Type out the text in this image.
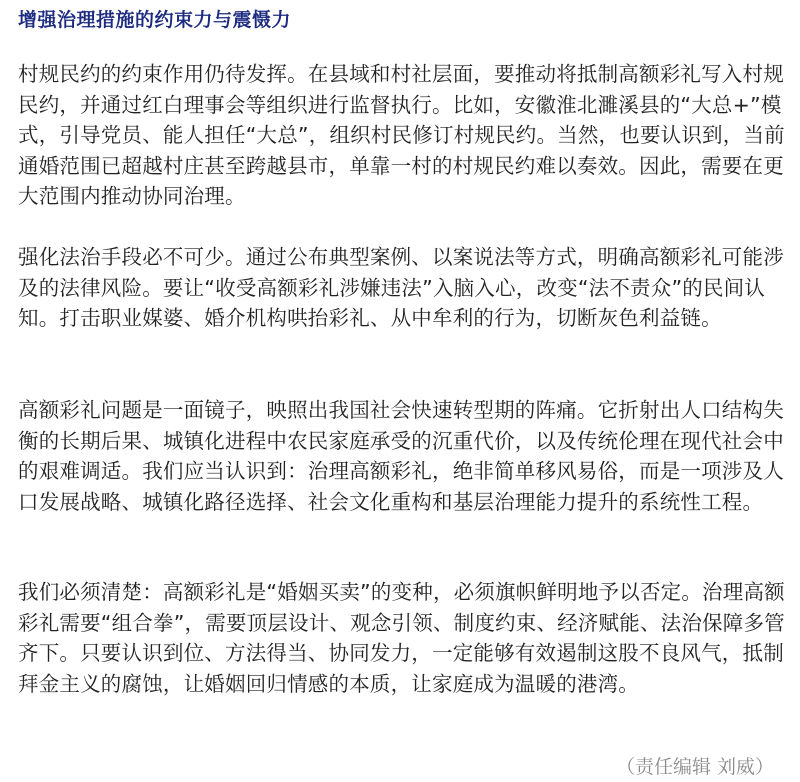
增强治理措施的约束力与震慑力

村规民约的约束作用仍待发挥。在县域和村社层面，要推动将抵制高额彩礼写入村规民约，并通过红白理事会等组织进行监督执行。比如，安徽淮北濉溪县的“大总+”模式，引导党员、能人担任“大总”，组织村民修订村规民约。当然，也要认识到，当前通婚范围已超越村庄甚至跨越县市，单靠一村的村规民约难以奏效。因此，需要在更大范围内推动协同治理。

强化法治手段必不可少。通过公布典型案例、以案说法等方式，明确高额彩礼可能涉及的法律风险。要让“收受高额彩礼涉嫌违法”入脑入心，改变“法不责众”的民间认知。打击职业媒婆、婚介机构哄抬彩礼、从中牟利的行为，切断灰色利益链。

高额彩礼问题是一面镜子，映照出我国社会快速转型期的阵痛。它折射出人口结构失衡的长期后果、城镇化进程中农民家庭承受的沉重代价，以及传统伦理在现代社会中的艰难调适。我们应当认识到：治理高额彩礼，绝非简单移风易俗，而是一项涉及人口发展战略、城镇化路径选择、社会文化重构和基层治理能力提升的系统性工程。

我们必须清楚：高额彩礼是“婚姻买卖”的变种，必须旗帜鲜明地予以否定。治理高额彩礼需要“组合拳”，需要顶层设计、观念引领、制度约束、经济赋能、法治保障多管齐下。只要认识到位、方法得当、协同发力，一定能够有效遏制这股不良风气，抵制拜金主义的腐蚀，让婚姻回归情感的本质，让家庭成为温暖的港湾。

（责任编辑 刘威）
